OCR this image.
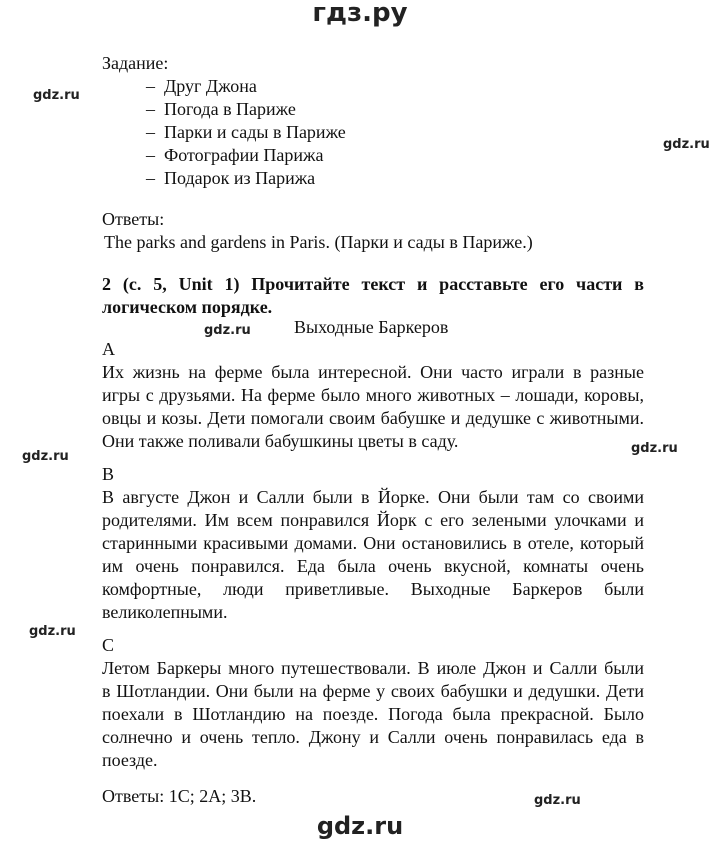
гдз.ру
gdz.ru
gdz.ru
gdz.ru
gdz.ru
gdz.ru
gdz.ru
gdz.ru
Задание:
– Друг Джона
– Погода в Париже
– Парки и сады в Париже
– Фотографии Парижа
– Подарок из Парижа
Ответы:
The parks and gardens in Paris. (Парки и сады в Париже.)
2 (c. 5, Unit 1) Прочитайте текст и расставьте его части в
логическом порядке.
Выходные Баркеров
A
Их жизнь на ферме была интересной. Они часто играли в разные
игры с друзьями. На ферме было много животных – лошади, коровы,
овцы и козы. Дети помогали своим бабушке и дедушке с животными.
Они также поливали бабушкины цветы в саду.
B
В августе Джон и Салли были в Йорке. Они были там со своими
родителями. Им всем понравился Йорк с его зелеными улочками и
старинными красивыми домами. Они остановились в отеле, который
им очень понравился. Еда была очень вкусной, комнаты очень
комфортные, люди приветливые. Выходные Баркеров были
великолепными.
C
Летом Баркеры много путешествовали. В июле Джон и Салли были
в Шотландии. Они были на ферме у своих бабушки и дедушки. Дети
поехали в Шотландию на поезде. Погода была прекрасной. Было
солнечно и очень тепло. Джону и Салли очень понравилась еда в
поезде.
Ответы: 1С; 2А; 3В.
gdz.ru
